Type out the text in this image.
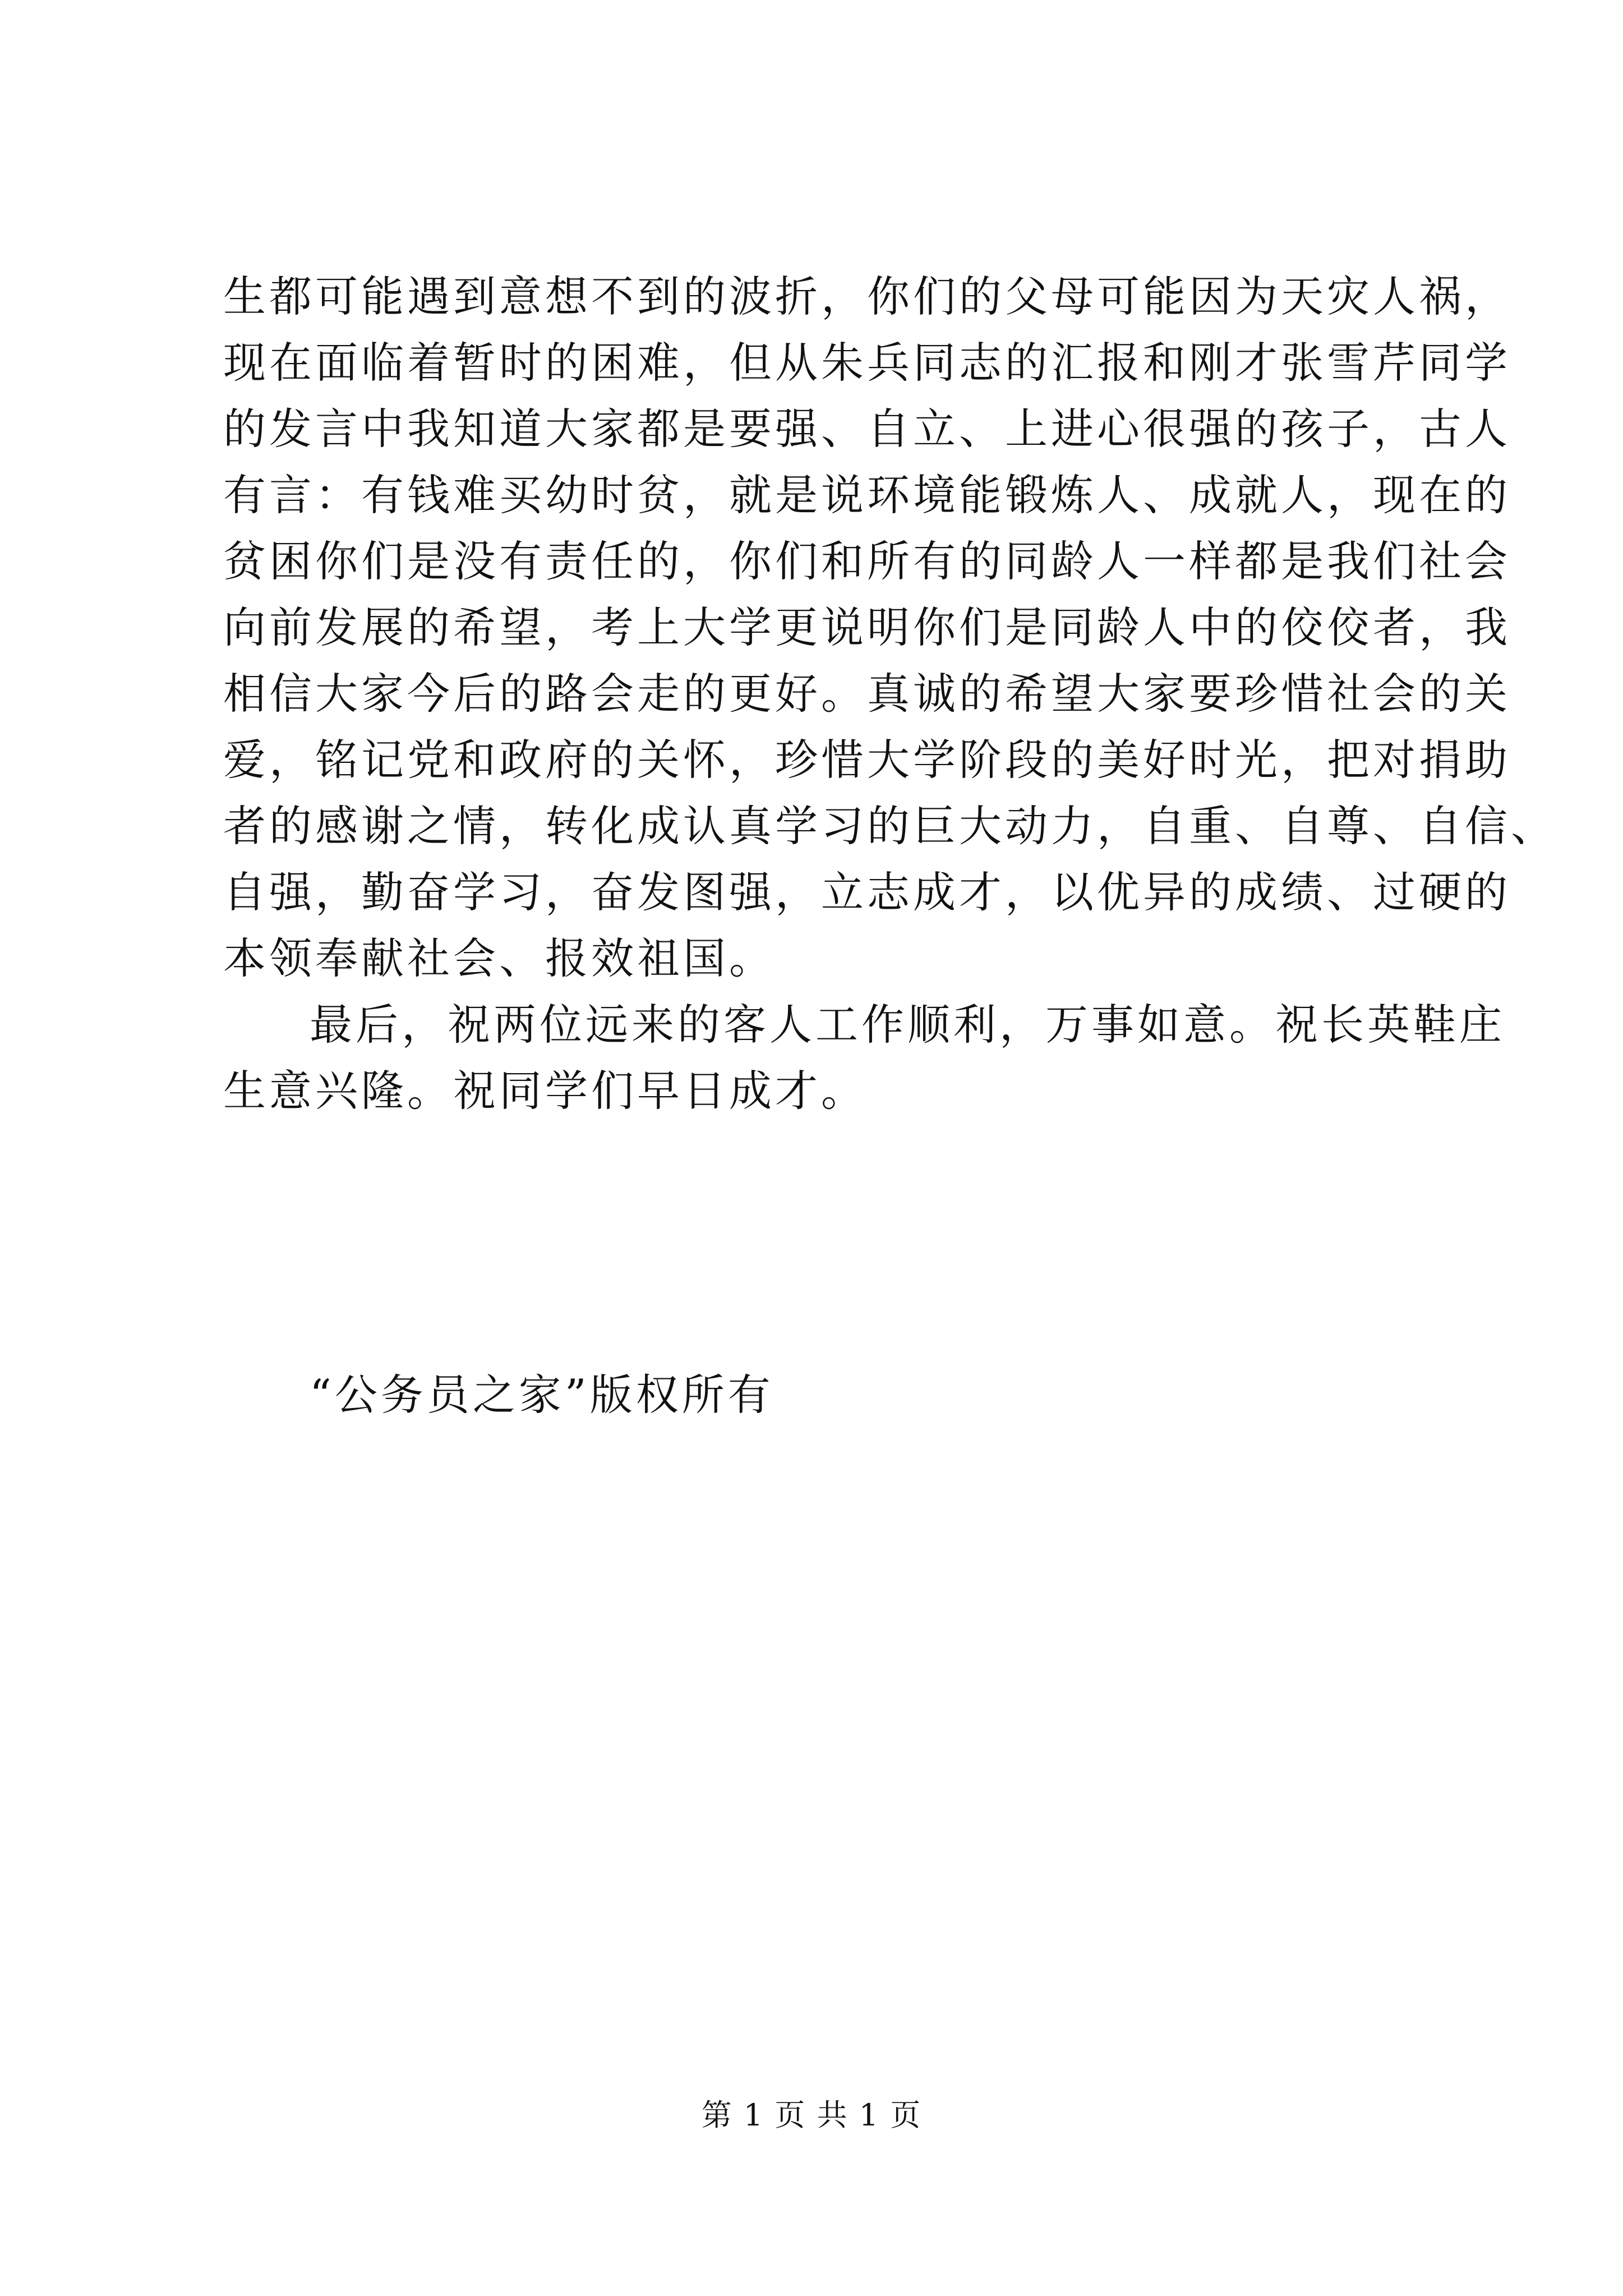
生都可能遇到意想不到的波折，你们的父母可能因为天灾人祸，
现在面临着暂时的困难，但从朱兵同志的汇报和刚才张雪芹同学
的发言中我知道大家都是要强、自立、上进心很强的孩子，古人
有言：有钱难买幼时贫，就是说环境能锻炼人、成就人，现在的
贫困你们是没有责任的，你们和所有的同龄人一样都是我们社会
向前发展的希望，考上大学更说明你们是同龄人中的佼佼者，我
相信大家今后的路会走的更好。真诚的希望大家要珍惜社会的关
爱，铭记党和政府的关怀，珍惜大学阶段的美好时光，把对捐助
者的感谢之情，转化成认真学习的巨大动力，自重、自尊、自信、
自强，勤奋学习，奋发图强，立志成才，以优异的成绩、过硬的
本领奉献社会、报效祖国。
最后，祝两位远来的客人工作顺利，万事如意。祝长英鞋庄
生意兴隆。祝同学们早日成才。
“公务员之家”版权所有
第 1 页 共 1 页
